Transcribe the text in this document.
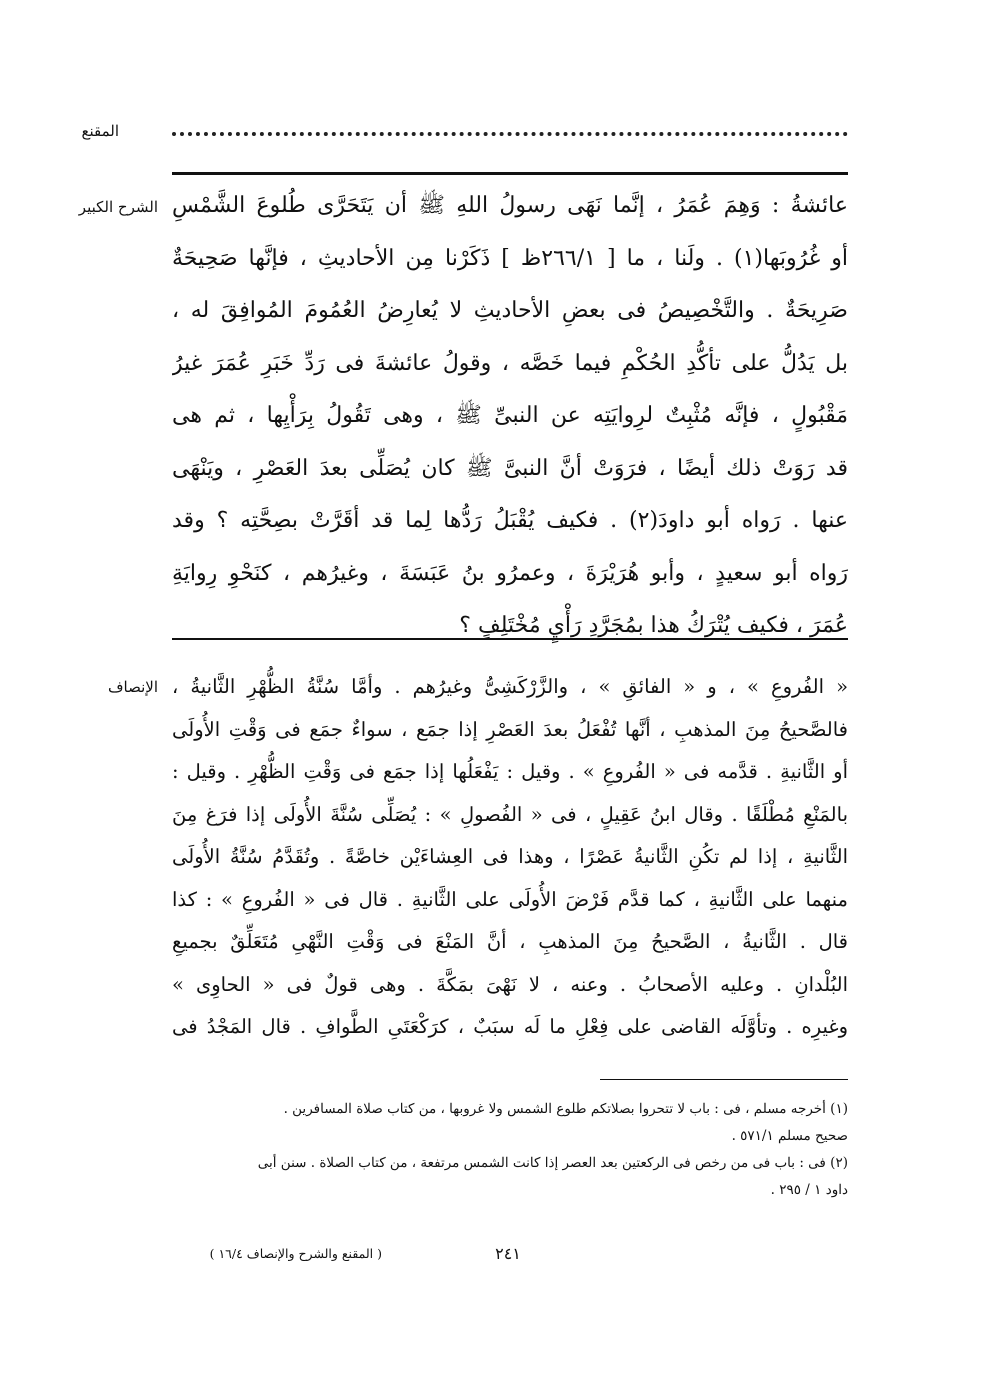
المقنع
الشرح الكبير عائشةُ : وَهِمَ عُمَرُ ، إنَّما نَهَى رسولُ اللهِ ﷺ أن يَتَحَرَّى طُلوعَ الشَّمْسِ
أو غُرُوبَها(١) . ولَنا ، ما [ ٢٦٦/١ظ ] ذَكَرْنا مِن الأحاديثِ ، فإنَّها صَحِيحَةٌ
صَرِيحَةٌ . والتَّخْصِيصُ فى بعضِ الأحاديثِ لا يُعارِضُ العُمُومَ المُوافِقَ له ،
بل يَدُلُّ على تأكُّدِ الحُكْمِ فيما خَصَّه ، وقولُ عائشةَ فى رَدِّ خَبَرِ عُمَرَ غيرُ
مَقْبُولٍ ، فإنَّه مُثْبِتٌ لرِوايَتِه عن النبىِّ ﷺ ، وهى تَقُولُ بِرَأْيِها ، ثم هى
قد رَوَتْ ذلك أيضًا ، فرَوَتْ أنَّ النبىَّ ﷺ كان يُصَلِّى بعدَ العَصْرِ ، ويَنْهَى
عنها . رَواه أبو داودَ(٢) . فكيف يُقْبَلُ رَدُّها لِما قد أقَرَّتْ بصِحَّتِه ؟ وقد
رَواه أبو سعيدٍ ، وأبو هُرَيْرَةَ ، وعمرُو بنُ عَبَسَةَ ، وغيرُهم ، كنَحْوِ رِوايَةِ
عُمَرَ ، فكيف يُتْرَكُ هذا بمُجَرَّدِ رَأْيٍ مُخْتَلِفٍ ؟
الإنصاف « الفُروعِ » ، و « الفائقِ » ، والزَّرْكَشِىُّ وغيرُهم . وأمَّا سُنَّةُ الظُّهْرِ الثَّانيةُ ،
فالصَّحيحُ مِنَ المذهبِ ، أنَّها تُفْعَلُ بعدَ العَصْرِ إذا جمَع ، سواءٌ جمَع فى وَقْتِ الأُولَى
أو الثَّانيةِ . قدَّمه فى « الفُروعِ » . وقيل : يَفْعَلُها إذا جمَع فى وَقْتِ الظُّهْرِ . وقيل :
بالمَنْعِ مُطْلَقًا . وقال ابنُ عَقِيلٍ ، فى « الفُصولِ » : يُصَلِّى سُنَّةَ الأُولَى إذا فرَغ مِنَ
الثَّانيةِ ، إذا لم تكُنِ الثَّانيةُ عَصْرًا ، وهذا فى العِشاءَيْن خاصَّةً . وتُقَدَّمُ سُنَّةُ الأُولَى
منهما على الثَّانيةِ ، كما قدَّم فَرْضَ الأُولَى على الثَّانيةِ . قال فى « الفُروعِ » : كذا
قال . الثَّانيةُ ، الصَّحيحُ مِنَ المذهبِ ، أنَّ المَنْعَ فى وَقْتِ النَّهْىِ مُتَعَلِّقٌ بجميعِ
البُلْدانِ . وعليه الأصحابُ . وعنه ، لا نَهْىَ بمَكَّةَ . وهى قولٌ فى « الحاوِى »
وغيرِه . وتأوَّلَه القاضى على فِعْلِ ما لَه سبَبٌ ، كرَكْعَتَىِ الطَّوافِ . قال المَجْدُ فى
(١) أخرجه مسلم ، فى : باب لا تتحروا بصلاتكم طلوع الشمس ولا غروبها ، من كتاب صلاة المسافرين .
صحيح مسلم ٥٧١/١ .
(٢) فى : باب فى من رخص فى الركعتين بعد العصر إذا كانت الشمس مرتفعة ، من كتاب الصلاة . سنن أبى
داود ١ / ٢٩٥ .
٢٤١
( المقنع والشرح والإنصاف ١٦/٤ )
